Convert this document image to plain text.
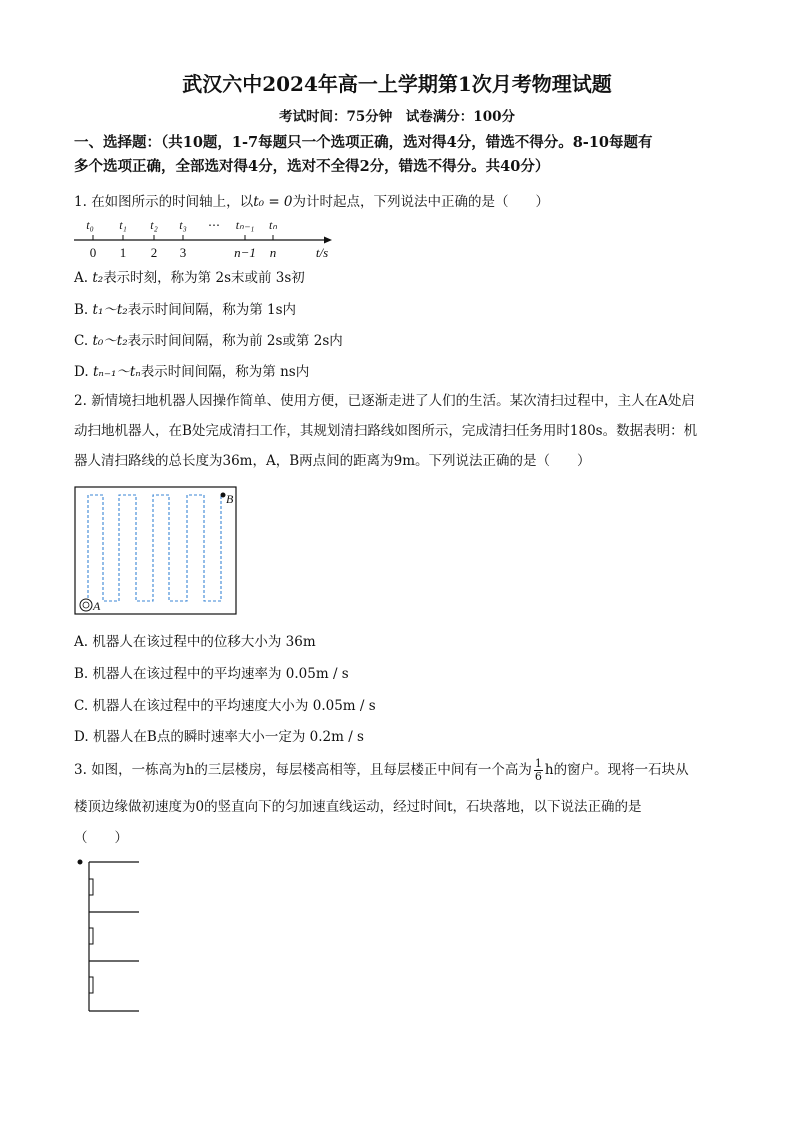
武汉六中2024年高一上学期第1次月考物理试题
考试时间：75分钟　试卷满分：100分
一、选择题：（共10题，1-7每题只一个选项正确，选对得4分，错选不得分。8-10每题有
多个选项正确，全部选对得4分，选对不全得2分，错选不得分。共40分）
1. 在如图所示的时间轴上，以t₀ = 0为计时起点，下列说法中正确的是（　　）
t₀ t₁ t₂ t₃ ⋯ tₙ₋₁ tₙ
0 1 2 3	n−1 n	t/s
A. t₂表示时刻，称为第 2s末或前 3s初
B. t₁～t₂表示时间间隔，称为第 1s内
C. t₀～t₂表示时间间隔，称为前 2s或第 2s内
D. tₙ₋₁～tₙ表示时间间隔，称为第 ns内
2. 新情境扫地机器人因操作简单、使用方便，已逐渐走进了人们的生活。某次清扫过程中，主人在A处启
动扫地机器人，在B处完成清扫工作，其规划清扫路线如图所示，完成清扫任务用时180s。数据表明：机
器人清扫路线的总长度为36m，A，B两点间的距离为9m。下列说法正确的是（　　）
B
A
A. 机器人在该过程中的位移大小为 36m
B. 机器人在该过程中的平均速率为 0.05m / s
C. 机器人在该过程中的平均速度大小为 0.05m / s
D. 机器人在B点的瞬时速率大小一定为 0.2m / s
3. 如图，一栋高为h的三层楼房，每层楼高相等，且每层楼正中间有一个高为 $\frac{1}{6}$ h的窗户。现将一石块从
楼顶边缘做初速度为0的竖直向下的匀加速直线运动，经过时间t，石块落地，以下说法正确的是
（　　）
